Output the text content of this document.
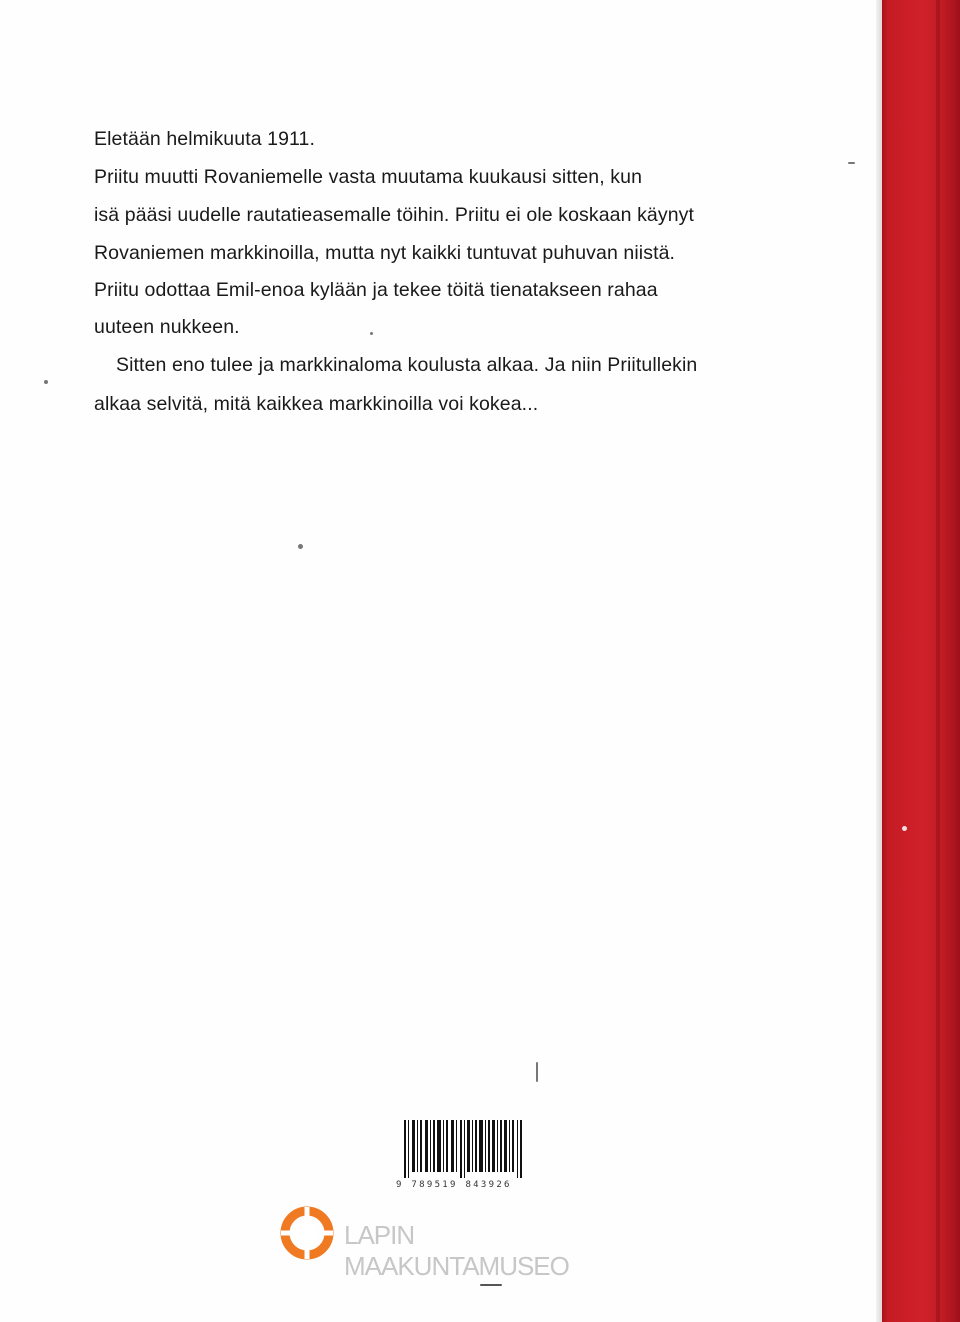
Eletään helmikuuta 1911.
Priitu muutti Rovaniemelle vasta muutama kuukausi sitten, kun
isä pääsi uudelle rautatieasemalle töihin. Priitu ei ole koskaan käynyt
Rovaniemen markkinoilla, mutta nyt kaikki tuntuvat puhuvan niistä.
Priitu odottaa Emil-enoa kylään ja tekee töitä tienatakseen rahaa
uuteen nukkeen.
Sitten eno tulee ja markkinaloma koulusta alkaa. Ja niin Priitullekin
alkaa selvitä, mitä kaikkea markkinoilla voi kokea...
9 789519 843926
LAPIN MAAKUNTAMUSEO
